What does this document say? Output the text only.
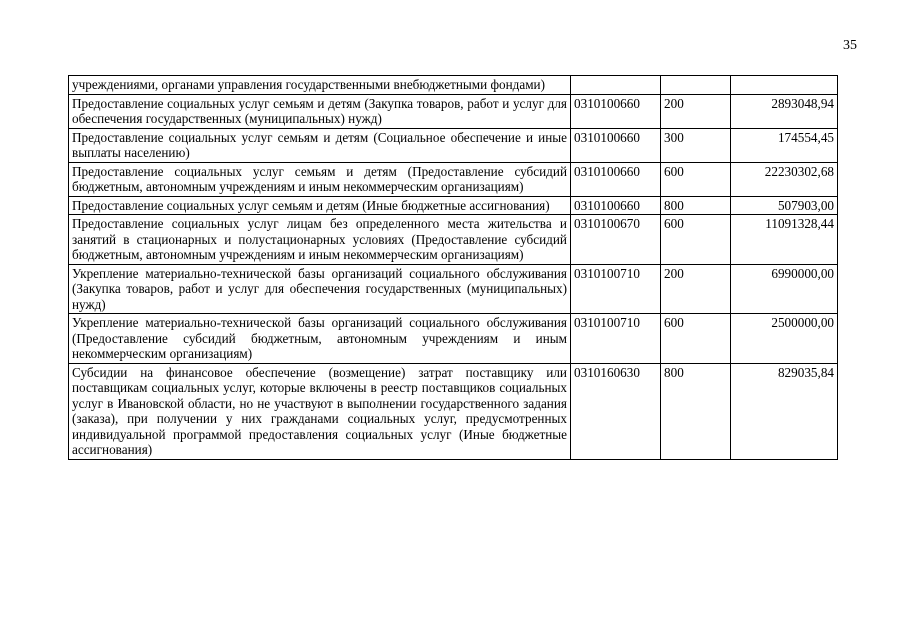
35
учреждениями, органами управления государственными внебюджетными фондами)			
Предоставление социальных услуг семьям и детям (Закупка товаров, работ и услуг для обеспечения государственных (муниципальных) нужд)	0310100660	200	2893048,94
Предоставление социальных услуг семьям и детям (Социальное обеспечение и иные выплаты населению)	0310100660	300	174554,45
Предоставление социальных услуг семьям и детям (Предоставление субсидий бюджетным, автономным учреждениям и иным некоммерческим организациям)	0310100660	600	22230302,68
Предоставление социальных услуг семьям и детям (Иные бюджетные ассигнования)	0310100660	800	507903,00
Предоставление социальных услуг лицам без определенного места жительства и занятий в стационарных и полустационарных условиях (Предоставление субсидий бюджетным, автономным учреждениям и иным некоммерческим организациям)	0310100670	600	11091328,44
Укрепление материально-технической базы организаций социального обслуживания (Закупка товаров, работ и услуг для обеспечения государственных (муниципальных) нужд)	0310100710	200	6990000,00
Укрепление материально-технической базы организаций социального обслуживания (Предоставление субсидий бюджетным, автономным учреждениям и иным некоммерческим организациям)	0310100710	600	2500000,00
Субсидии на финансовое обеспечение (возмещение) затрат поставщику или поставщикам социальных услуг, которые включены в реестр поставщиков социальных услуг в Ивановской области, но не участвуют в выполнении государственного задания (заказа), при получении у них гражданами социальных услуг, предусмотренных индивидуальной программой предоставления социальных услуг (Иные бюджетные ассигнования)	0310160630	800	829035,84
